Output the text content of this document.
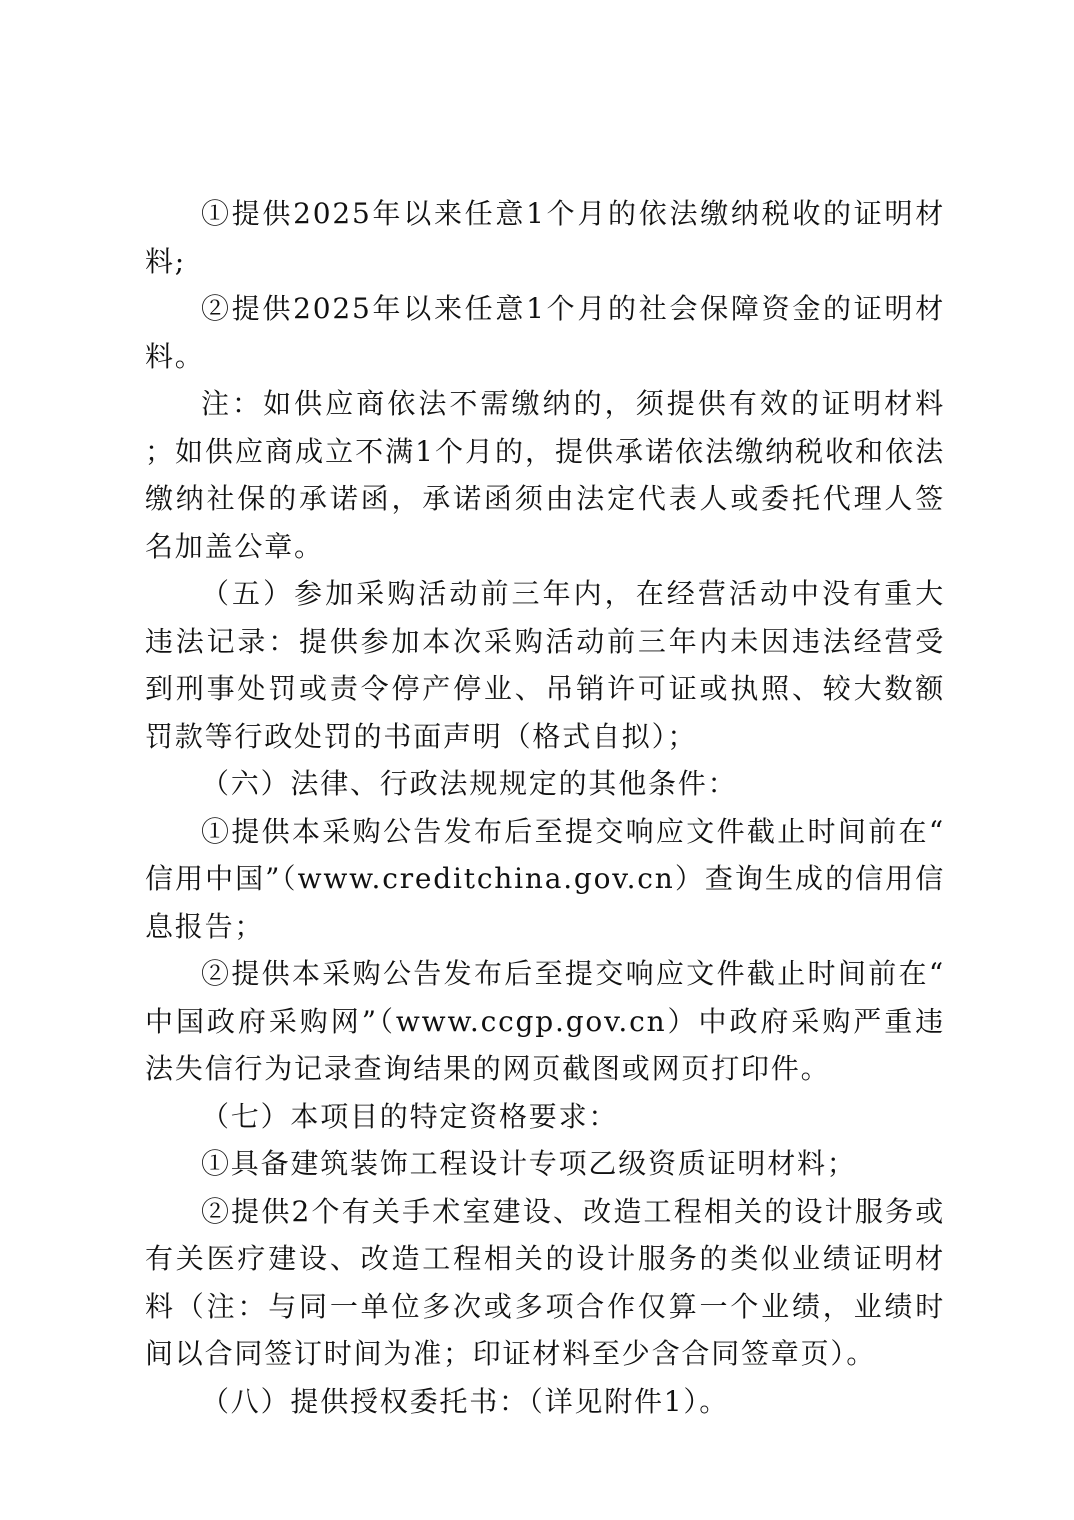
①提供2025年以来任意1个月的依法缴纳税收的证明材料;

②提供2025年以来任意1个月的社会保障资金的证明材料。

注：如供应商依法不需缴纳的，须提供有效的证明材料；如供应商成立不满1个月的，提供承诺依法缴纳税收和依法缴纳社保的承诺函，承诺函须由法定代表人或委托代理人签名加盖公章。

（五）参加采购活动前三年内，在经营活动中没有重大违法记录：提供参加本次采购活动前三年内未因违法经营受到刑事处罚或责令停产停业、吊销许可证或执照、较大数额罚款等行政处罚的书面声明（格式自拟）；

（六）法律、行政法规规定的其他条件：

①提供本采购公告发布后至提交响应文件截止时间前在“信用中国”（www.creditchina.gov.cn）查询生成的信用信息报告；

②提供本采购公告发布后至提交响应文件截止时间前在“中国政府采购网”（www.ccgp.gov.cn）中政府采购严重违法失信行为记录查询结果的网页截图或网页打印件。

（七）本项目的特定资格要求：

①具备建筑装饰工程设计专项乙级资质证明材料；

②提供2个有关手术室建设、改造工程相关的设计服务或有关医疗建设、改造工程相关的设计服务的类似业绩证明材料（注：与同一单位多次或多项合作仅算一个业绩，业绩时间以合同签订时间为准；印证材料至少含合同签章页）。

（八）提供授权委托书：（详见附件1）。
